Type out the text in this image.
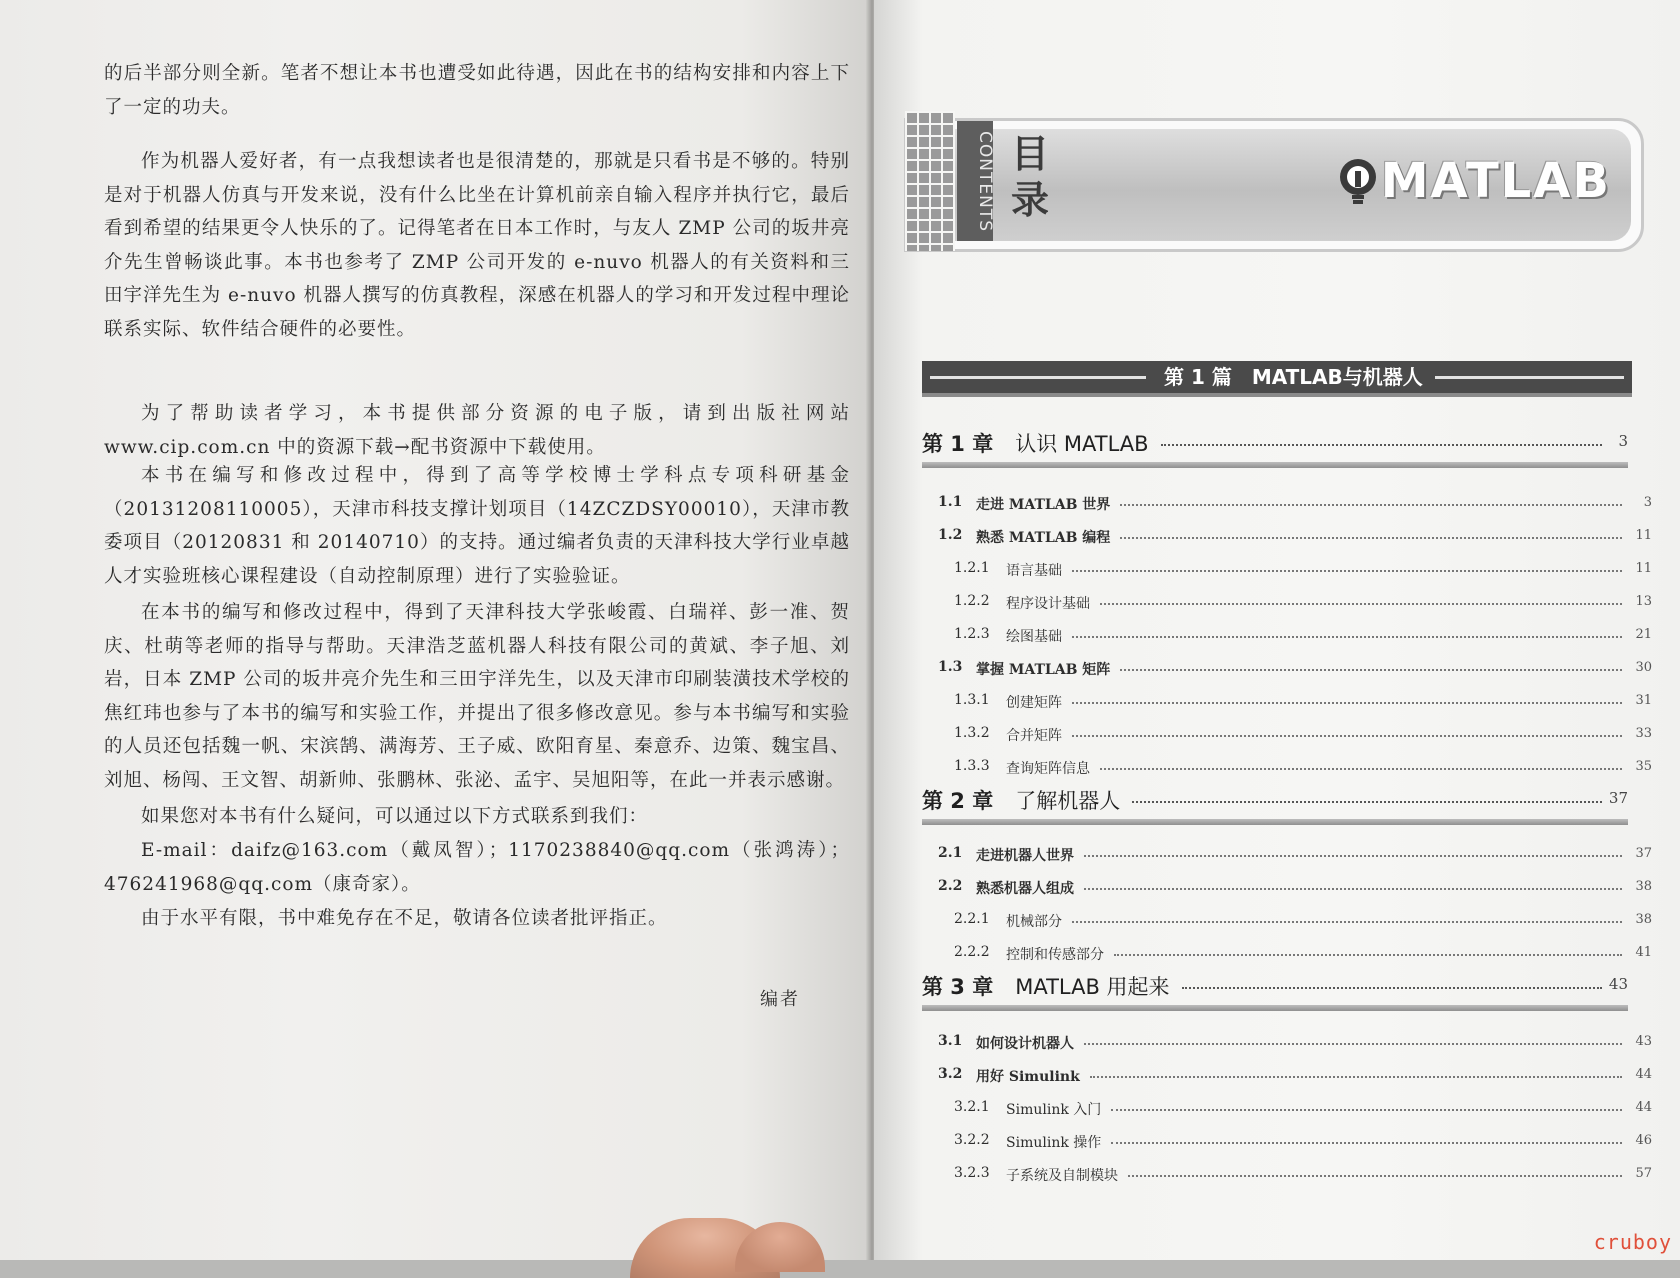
的后半部分则全新。笔者不想让本书也遭受如此待遇，因此在书的结构安排和内容上下了一定的功夫。

作为机器人爱好者，有一点我想读者也是很清楚的，那就是只看书是不够的。特别是对于机器人仿真与开发来说，没有什么比坐在计算机前亲自输入程序并执行它，最后看到希望的结果更令人快乐的了。记得笔者在日本工作时，与友人 ZMP 公司的坂井亮介先生曾畅谈此事。本书也参考了 ZMP 公司开发的 e-nuvo 机器人的有关资料和三田宇洋先生为 e-nuvo 机器人撰写的仿真教程，深感在机器人的学习和开发过程中理论联系实际、软件结合硬件的必要性。

为了帮助读者学习，本书提供部分资源的电子版，请到出版社网站 www.cip.com.cn 中的资源下载→配书资源中下载使用。

本书在编写和修改过程中，得到了高等学校博士学科点专项科研基金（20131208110005），天津市科技支撑计划项目（14ZCZDSY00010），天津市教委项目（20120831 和 20140710）的支持。通过编者负责的天津科技大学行业卓越人才实验班核心课程建设（自动控制原理）进行了实验验证。

在本书的编写和修改过程中，得到了天津科技大学张峻霞、白瑞祥、彭一准、贺庆、杜萌等老师的指导与帮助。天津浩芝蓝机器人科技有限公司的黄斌、李子旭、刘岩，日本 ZMP 公司的坂井亮介先生和三田宇洋先生，以及天津市印刷装潢技术学校的焦红玮也参与了本书的编写和实验工作，并提出了很多修改意见。参与本书编写和实验的人员还包括魏一帆、宋滨鹄、满海芳、王子威、欧阳育星、秦意乔、边策、魏宝昌、刘旭、杨闯、王文智、胡新帅、张鹏林、张泌、孟宇、吴旭阳等，在此一并表示感谢。

如果您对本书有什么疑问，可以通过以下方式联系到我们：

E-mail：daifz@163.com（戴凤智）；1170238840@qq.com（张鸿涛）；476241968@qq.com（康奇家）。

由于水平有限，书中难免存在不足，敬请各位读者批评指正。

编者
CONTENTS 目录	MATLAB
第 1 篇　MATLAB与机器人
第 1 章 认识 MATLAB	3
1.1 走进 MATLAB 世界	3
1.2 熟悉 MATLAB 编程	11
1.2.1 语言基础	11
1.2.2 程序设计基础	13
1.2.3 绘图基础	21
1.3 掌握 MATLAB 矩阵	30
1.3.1 创建矩阵	31
1.3.2 合并矩阵	33
1.3.3 查询矩阵信息	35
第 2 章 了解机器人	37
2.1 走进机器人世界	37
2.2 熟悉机器人组成	38
2.2.1 机械部分	38
2.2.2 控制和传感部分	41
第 3 章 MATLAB 用起来	43
3.1 如何设计机器人	43
3.2 用好 Simulink	44
3.2.1 Simulink 入门	44
3.2.2 Simulink 操作	46
3.2.3 子系统及自制模块	57
cruboy
